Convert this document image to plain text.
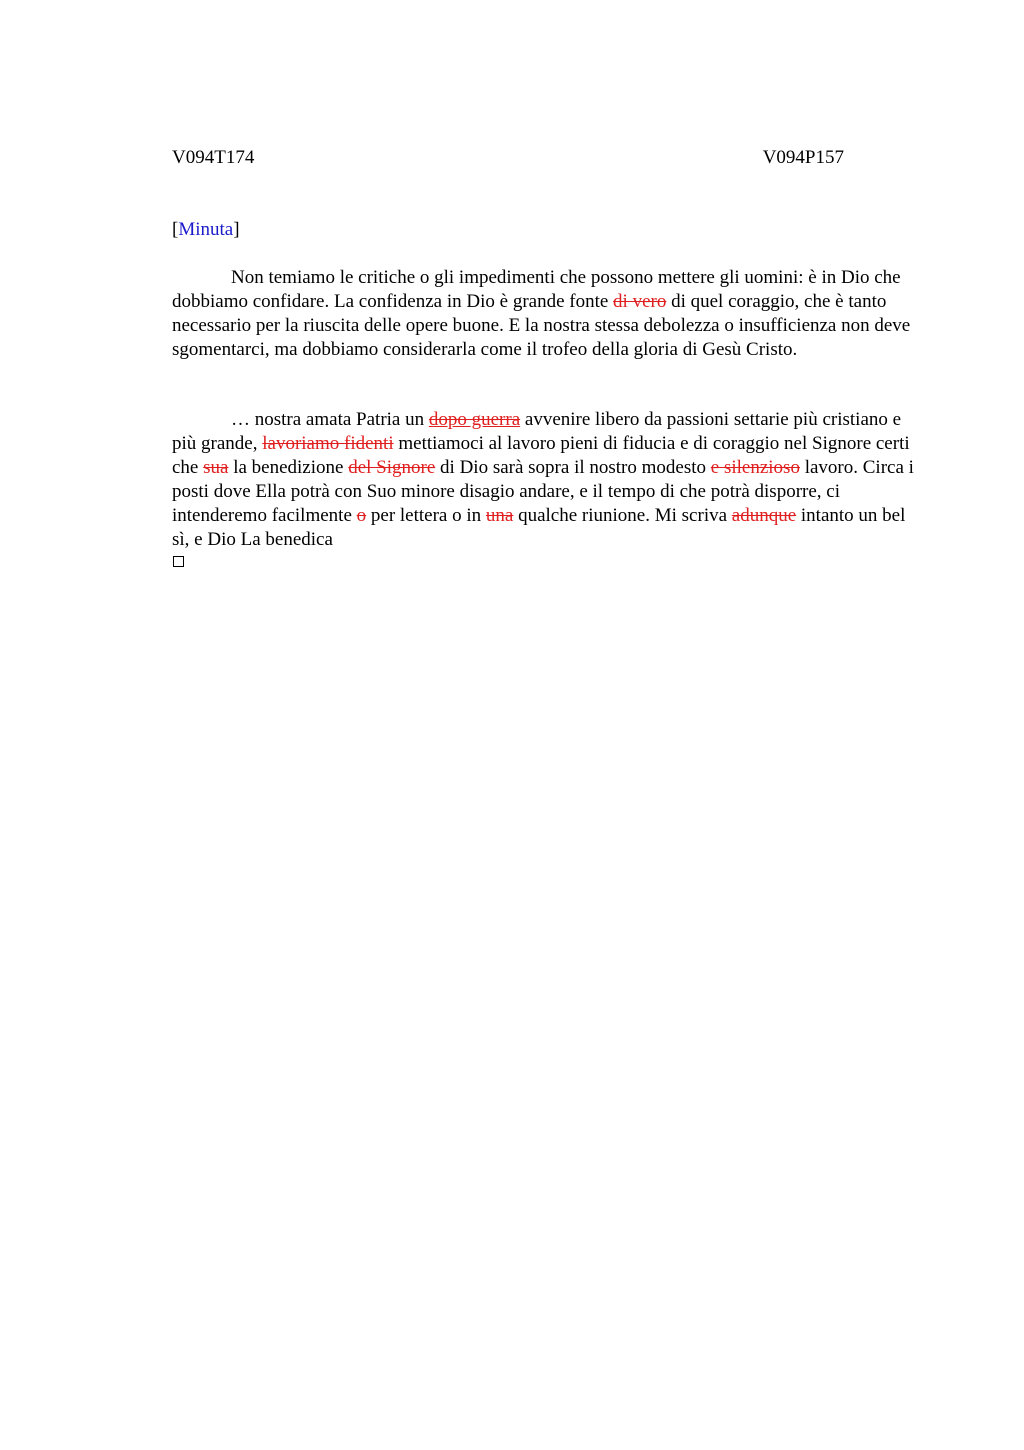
V094T174	V094P157
[Minuta]

Non temiamo le critiche o gli impedimenti che possono mettere gli uomini: è in Dio che dobbiamo confidare. La confidenza in Dio è grande fonte di vero di quel coraggio, che è tanto necessario per la riuscita delle opere buone. E la nostra stessa debolezza o insufficienza non deve sgomentarci, ma dobbiamo considerarla come il trofeo della gloria di Gesù Cristo.

… nostra amata Patria un dopo guerra avvenire libero da passioni settarie più cristiano e più grande, lavoriamo fidenti mettiamoci al lavoro pieni di fiducia e di coraggio nel Signore certi che sua la benedizione del Signore di Dio sarà sopra il nostro modesto e silenzioso lavoro. Circa i posti dove Ella potrà con Suo minore disagio andare, e il tempo di che potrà disporre, ci intenderemo facilmente o per lettera o in una qualche riunione. Mi scriva adunque intanto un bel sì, e Dio La benedica
